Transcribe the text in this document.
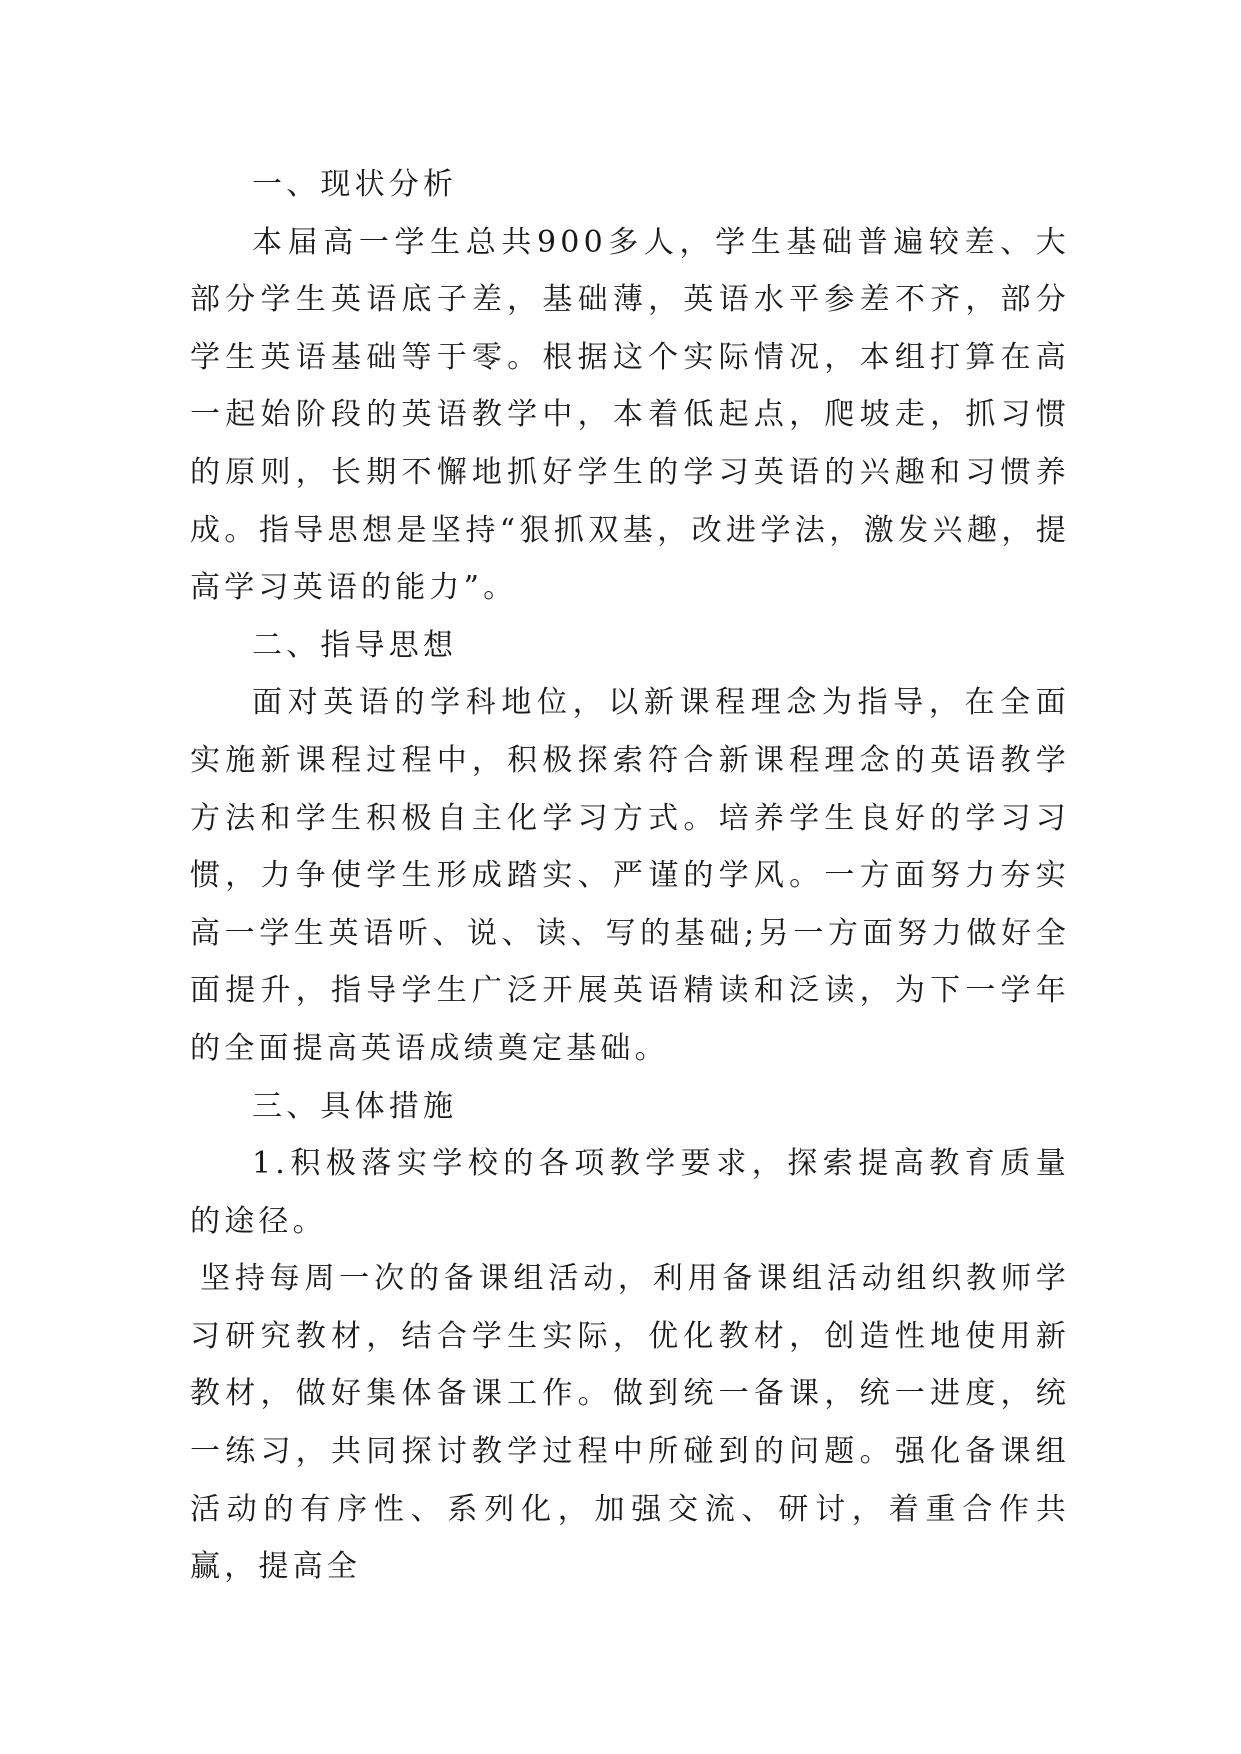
一、现状分析

本届高一学生总共900多人，学生基础普遍较差、大部分学生英语底子差，基础薄，英语水平参差不齐，部分学生英语基础等于零。根据这个实际情况，本组打算在高一起始阶段的英语教学中，本着低起点，爬坡走，抓习惯的原则，长期不懈地抓好学生的学习英语的兴趣和习惯养成。指导思想是坚持“狠抓双基，改进学法，激发兴趣，提高学习英语的能力”。

二、指导思想

面对英语的学科地位，以新课程理念为指导，在全面实施新课程过程中，积极探索符合新课程理念的英语教学方法和学生积极自主化学习方式。培养学生良好的学习习惯，力争使学生形成踏实、严谨的学风。一方面努力夯实高一学生英语听、说、读、写的基础;另一方面努力做好全面提升，指导学生广泛开展英语精读和泛读，为下一学年的全面提高英语成绩奠定基础。

三、具体措施

1.积极落实学校的各项教学要求，探索提高教育质量的途径。

坚持每周一次的备课组活动，利用备课组活动组织教师学习研究教材，结合学生实际，优化教材，创造性地使用新教材，做好集体备课工作。做到统一备课，统一进度，统一练习，共同探讨教学过程中所碰到的问题。强化备课组活动的有序性、系列化，加强交流、研讨，着重合作共赢，提高全
